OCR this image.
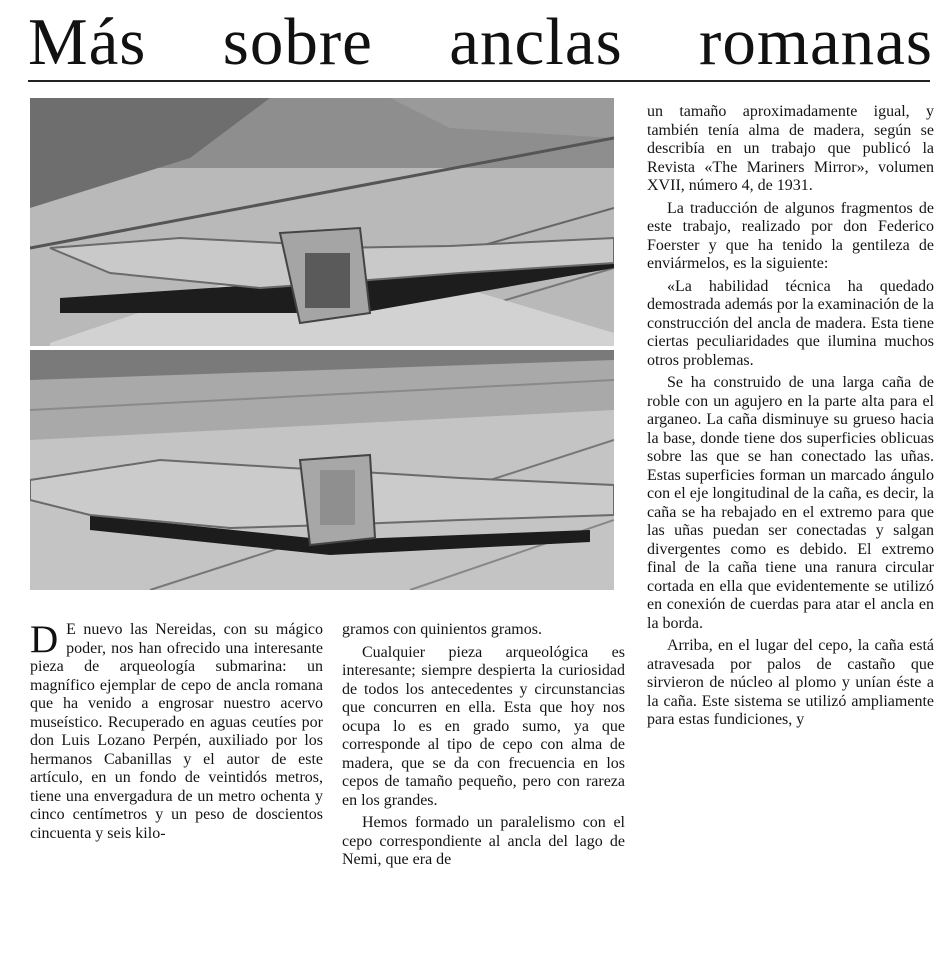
Más sobre anclas romanas

D E nuevo las Nereidas, con su mágico poder, nos han ofrecido una interesante pieza de arqueología submarina: un magnífico ejemplar de cepo de ancla romana que ha venido a engrosar nuestro acervo museístico. Recuperado en aguas ceutíes por don Luis Lozano Perpén, auxiliado por los hermanos Cabanillas y el autor de este artículo, en un fondo de veintidós metros, tiene una envergadura de un metro ochenta y cinco centímetros y un peso de doscientos cincuenta y seis kilo-

gramos con quinientos gramos.

Cualquier pieza arqueológica es interesante; siempre despierta la curiosidad de todos los antecedentes y circunstancias que concurren en ella. Esta que hoy nos ocupa lo es en grado sumo, ya que corresponde al tipo de cepo con alma de madera, que se da con frecuencia en los cepos de tamaño pequeño, pero con rareza en los grandes.

Hemos formado un paralelismo con el cepo correspondiente al ancla del lago de Nemi, que era de

un tamaño aproximadamente igual, y también tenía alma de madera, según se describía en un trabajo que publicó la Revista «The Mariners Mirror», volumen XVII, número 4, de 1931.

La traducción de algunos fragmentos de este trabajo, realizado por don Federico Foerster y que ha tenido la gentileza de enviármelos, es la siguiente:

«La habilidad técnica ha quedado demostrada además por la examinación de la construcción del ancla de madera. Esta tiene ciertas peculiaridades que ilumina muchos otros problemas.

Se ha construido de una larga caña de roble con un agujero en la parte alta para el arganeo. La caña disminuye su grueso hacia la base, donde tiene dos superficies oblicuas sobre las que se han conectado las uñas. Estas superficies forman un marcado ángulo con el eje longitudinal de la caña, es decir, la caña se ha rebajado en el extremo para que las uñas puedan ser conectadas y salgan divergentes como es debido. El extremo final de la caña tiene una ranura circular cortada en ella que evidentemente se utilizó en conexión de cuerdas para atar el ancla en la borda.

Arriba, en el lugar del cepo, la caña está atravesada por palos de castaño que sirvieron de núcleo al plomo y unían éste a la caña. Este sistema se utilizó ampliamente para estas fundiciones, y
